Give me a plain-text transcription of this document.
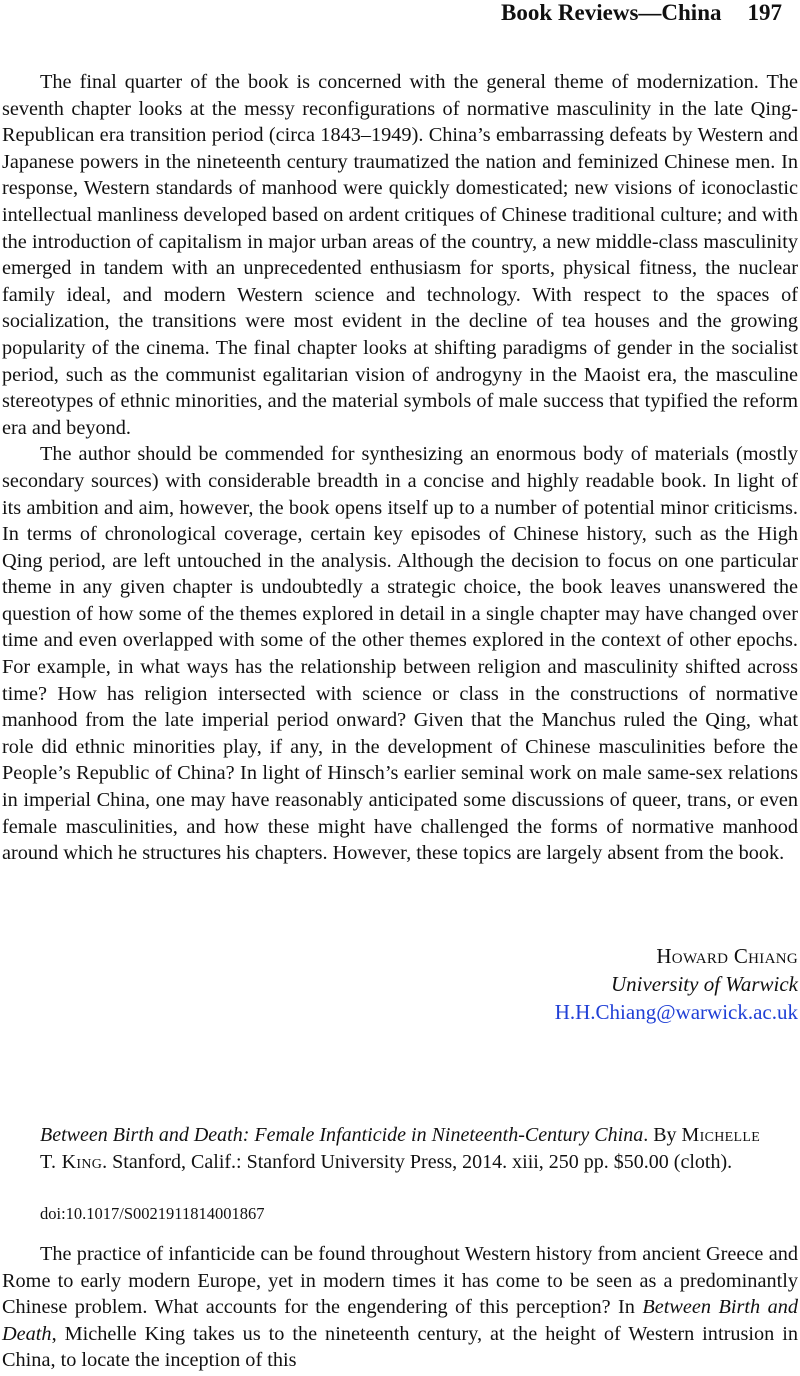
Book Reviews—China 197

The final quarter of the book is concerned with the general theme of modernization. The seventh chapter looks at the messy reconfigurations of normative masculinity in the late Qing-Republican era transition period (circa 1843–1949). China’s embarrassing defeats by Western and Japanese powers in the nineteenth century traumatized the nation and feminized Chinese men. In response, Western standards of manhood were quickly domesticated; new visions of iconoclastic intellectual manliness developed based on ardent critiques of Chinese traditional culture; and with the introduction of capitalism in major urban areas of the country, a new middle-class masculinity emerged in tandem with an unprecedented enthusiasm for sports, physical fitness, the nuclear family ideal, and modern Western science and technology. With respect to the spaces of socialization, the transitions were most evident in the decline of tea houses and the growing popularity of the cinema. The final chapter looks at shifting paradigms of gender in the socialist period, such as the communist egalitarian vision of androgyny in the Maoist era, the masculine stereotypes of ethnic minorities, and the material symbols of male success that typified the reform era and beyond.

The author should be commended for synthesizing an enormous body of materials (mostly secondary sources) with considerable breadth in a concise and highly readable book. In light of its ambition and aim, however, the book opens itself up to a number of potential minor criticisms. In terms of chronological coverage, certain key episodes of Chinese history, such as the High Qing period, are left untouched in the analysis. Although the decision to focus on one particular theme in any given chapter is undoubtedly a strategic choice, the book leaves unanswered the question of how some of the themes explored in detail in a single chapter may have changed over time and even overlapped with some of the other themes explored in the context of other epochs. For example, in what ways has the relationship between religion and masculinity shifted across time? How has religion intersected with science or class in the constructions of normative manhood from the late imperial period onward? Given that the Manchus ruled the Qing, what role did ethnic minorities play, if any, in the development of Chinese masculinities before the People’s Republic of China? In light of Hinsch’s earlier seminal work on male same-sex relations in imperial China, one may have reasonably anticipated some discussions of queer, trans, or even female masculinities, and how these might have challenged the forms of normative manhood around which he structures his chapters. However, these topics are largely absent from the book.

Howard Chiang
University of Warwick
H.H.Chiang@warwick.ac.uk
Between Birth and Death: Female Infanticide in Nineteenth-Century China. By Michelle T. King. Stanford, Calif.: Stanford University Press, 2014. xiii, 250 pp. $50.00 (cloth).
doi:10.1017/S0021911814001867

The practice of infanticide can be found throughout Western history from ancient Greece and Rome to early modern Europe, yet in modern times it has come to be seen as a predominantly Chinese problem. What accounts for the engendering of this perception? In Between Birth and Death, Michelle King takes us to the nineteenth century, at the height of Western intrusion in China, to locate the inception of this
